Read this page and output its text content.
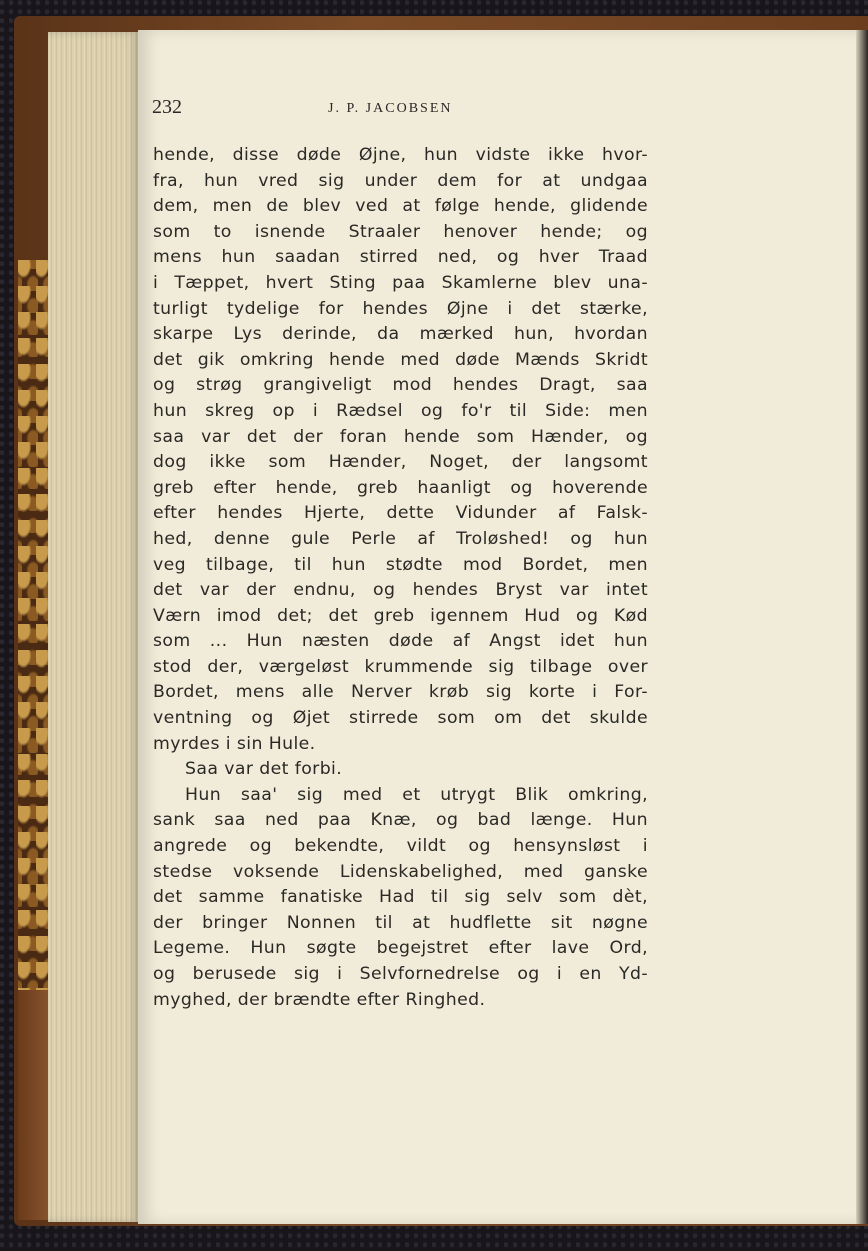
232	J. P. JACOBSEN
hende, disse døde Øjne, hun vidste ikke hvor-
fra, hun vred sig under dem for at undgaa
dem, men de blev ved at følge hende, glidende
som to isnende Straaler henover hende; og
mens hun saadan stirred ned, og hver Traad
i Tæppet, hvert Sting paa Skamlerne blev una-
turligt tydelige for hendes Øjne i det stærke,
skarpe Lys derinde, da mærked hun, hvordan
det gik omkring hende med døde Mænds Skridt
og strøg grangiveligt mod hendes Dragt, saa
hun skreg op i Rædsel og fo'r til Side: men
saa var det der foran hende som Hænder, og
dog ikke som Hænder, Noget, der langsomt
greb efter hende, greb haanligt og hoverende
efter hendes Hjerte, dette Vidunder af Falsk-
hed, denne gule Perle af Troløshed! og hun
veg tilbage, til hun stødte mod Bordet, men
det var der endnu, og hendes Bryst var intet
Værn imod det; det greb igennem Hud og Kød
som ... Hun næsten døde af Angst idet hun
stod der, værgeløst krummende sig tilbage over
Bordet, mens alle Nerver krøb sig korte i For-
ventning og Øjet stirrede som om det skulde
myrdes i sin Hule.
Saa var det forbi.
Hun saa' sig med et utrygt Blik omkring,
sank saa ned paa Knæ, og bad længe. Hun
angrede og bekendte, vildt og hensynsløst i
stedse voksende Lidenskabelighed, med ganske
det samme fanatiske Had til sig selv som dèt,
der bringer Nonnen til at hudflette sit nøgne
Legeme. Hun søgte begejstret efter lave Ord,
og berusede sig i Selvfornedrelse og i en Yd-
myghed, der brændte efter Ringhed.
